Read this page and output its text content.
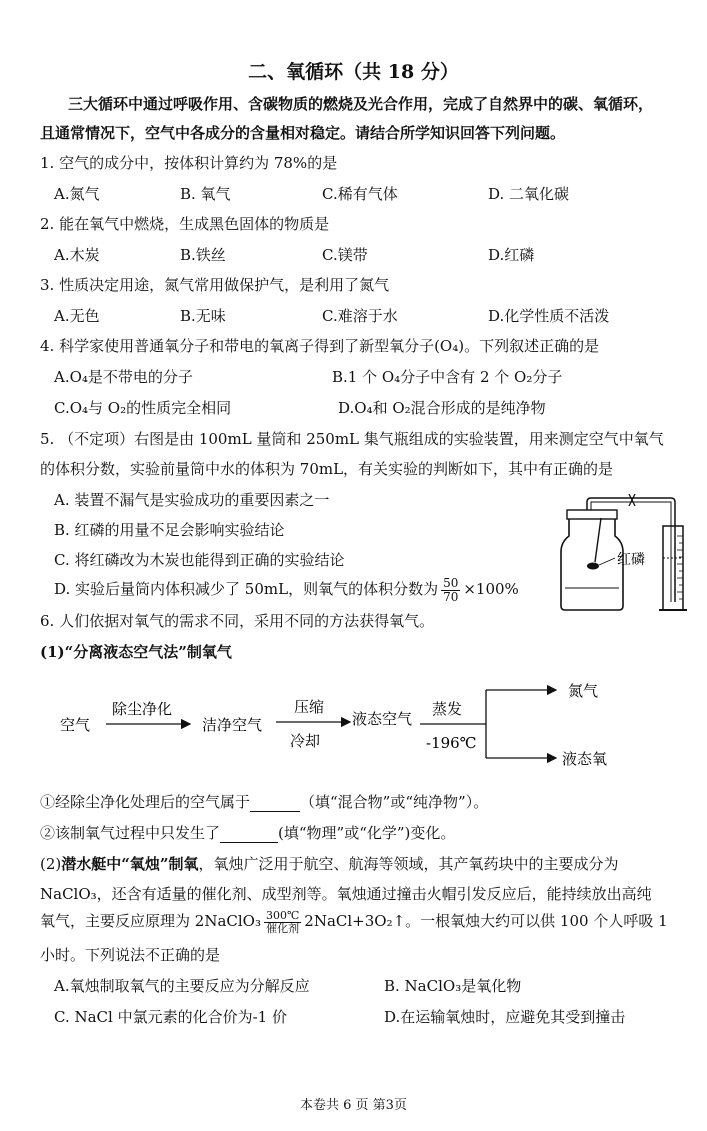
二、氧循环（共 18 分）
三大循环中通过呼吸作用、含碳物质的燃烧及光合作用，完成了自然界中的碳、氧循环，
且通常情况下，空气中各成分的含量相对稳定。请结合所学知识回答下列问题。
1. 空气的成分中，按体积计算约为 78%的是
A.氮气	B. 氧气	C.稀有气体	D. 二氧化碳
2. 能在氧气中燃烧，生成黑色固体的物质是
A.木炭	B.铁丝	C.镁带	D.红磷
3. 性质决定用途，氮气常用做保护气，是利用了氮气
A.无色	B.无味	C.难溶于水	D.化学性质不活泼
4. 科学家使用普通氧分子和带电的氧离子得到了新型氧分子(O₄)。下列叙述正确的是
A.O₄是不带电的分子	B.1 个 O₄分子中含有 2 个 O₂分子
C.O₄与 O₂的性质完全相同	D.O₄和 O₂混合形成的是纯净物
5. （不定项）右图是由 100mL 量筒和 250mL 集气瓶组成的实验装置，用来测定空气中氧气
的体积分数，实验前量筒中水的体积为 70mL，有关实验的判断如下，其中有正确的是
A. 装置不漏气是实验成功的重要因素之一
B. 红磷的用量不足会影响实验结论
C. 将红磷改为木炭也能得到正确的实验结论
D. 实验后量筒内体积减少了 50mL，则氧气的体积分数为 $\frac{50}{70} \times 100\%$
红磷
6. 人们依据对氧气的需求不同，采用不同的方法获得氧气。
(1)“分离液态空气法”制氧气
空气
除尘净化
洁净空气
压缩
冷却
液态空气
蒸发
-196℃
氮气
液态氧
①经除尘净化处理后的空气属于	（填“混合物”或“纯净物”）。
②该制氧气过程中只发生了	(填“物理”或“化学”)变化。
(2)潜水艇中“氧烛”制氧，氧烛广泛用于航空、航海等领域，其产氧药块中的主要成分为
NaClO₃，还含有适量的催化剂、成型剂等。氧烛通过撞击火帽引发反应后，能持续放出高纯
氧气，主要反应原理为 2NaClO₃ 300℃
催化剂 2NaCl+3O₂↑。一根氧烛大约可以供 100 个人呼吸 1
小时。下列说法不正确的是
A.氧烛制取氧气的主要反应为分解反应	B. NaClO₃是氧化物
C. NaCl 中氯元素的化合价为-1 价	D.在运输氧烛时，应避免其受到撞击
本卷共 6 页 第3页
